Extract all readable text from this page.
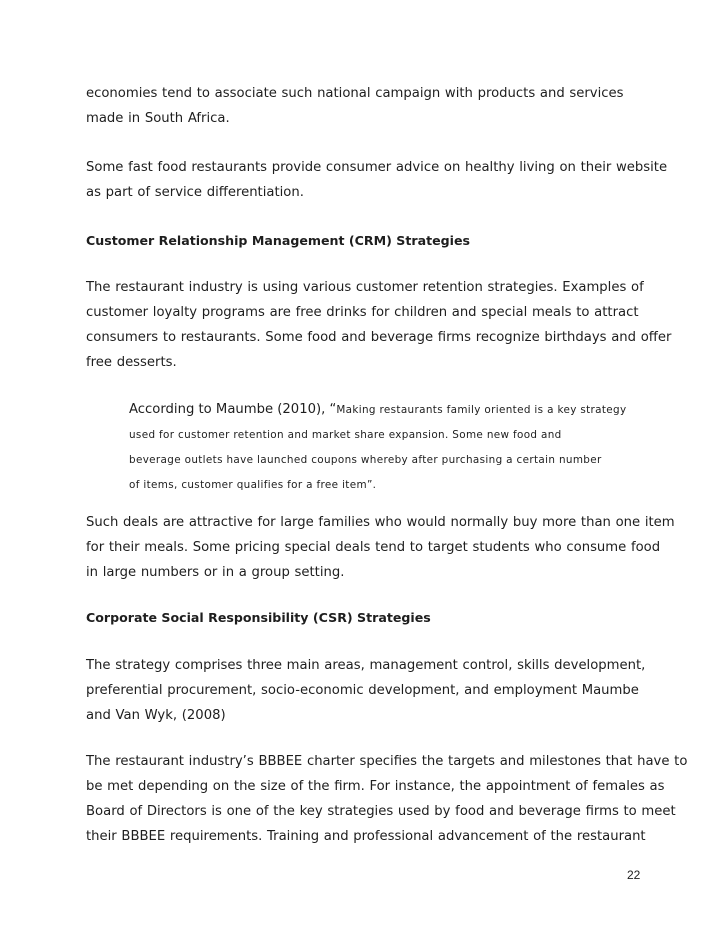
economies tend to associate such national campaign with products and services
made in South Africa.

Some fast food restaurants provide consumer advice on healthy living on their website
as part of service differentiation.

Customer Relationship Management (CRM) Strategies

The restaurant industry is using various customer retention strategies. Examples of
customer loyalty programs are free drinks for children and special meals to attract
consumers to restaurants. Some food and beverage firms recognize birthdays and offer
free desserts.

According to Maumbe (2010), “Making restaurants family oriented is a key strategy
used for customer retention and market share expansion. Some new food and
beverage outlets have launched coupons whereby after purchasing a certain number
of items, customer qualifies for a free item”.

Such deals are attractive for large families who would normally buy more than one item
for their meals. Some pricing special deals tend to target students who consume food
in large numbers or in a group setting.

Corporate Social Responsibility (CSR) Strategies

The strategy comprises three main areas, management control, skills development,
preferential procurement, socio-economic development, and employment Maumbe
and Van Wyk, (2008)

The restaurant industry’s BBBEE charter specifies the targets and milestones that have to
be met depending on the size of the firm. For instance, the appointment of females as
Board of Directors is one of the key strategies used by food and beverage firms to meet
their BBBEE requirements. Training and professional advancement of the restaurant

22
